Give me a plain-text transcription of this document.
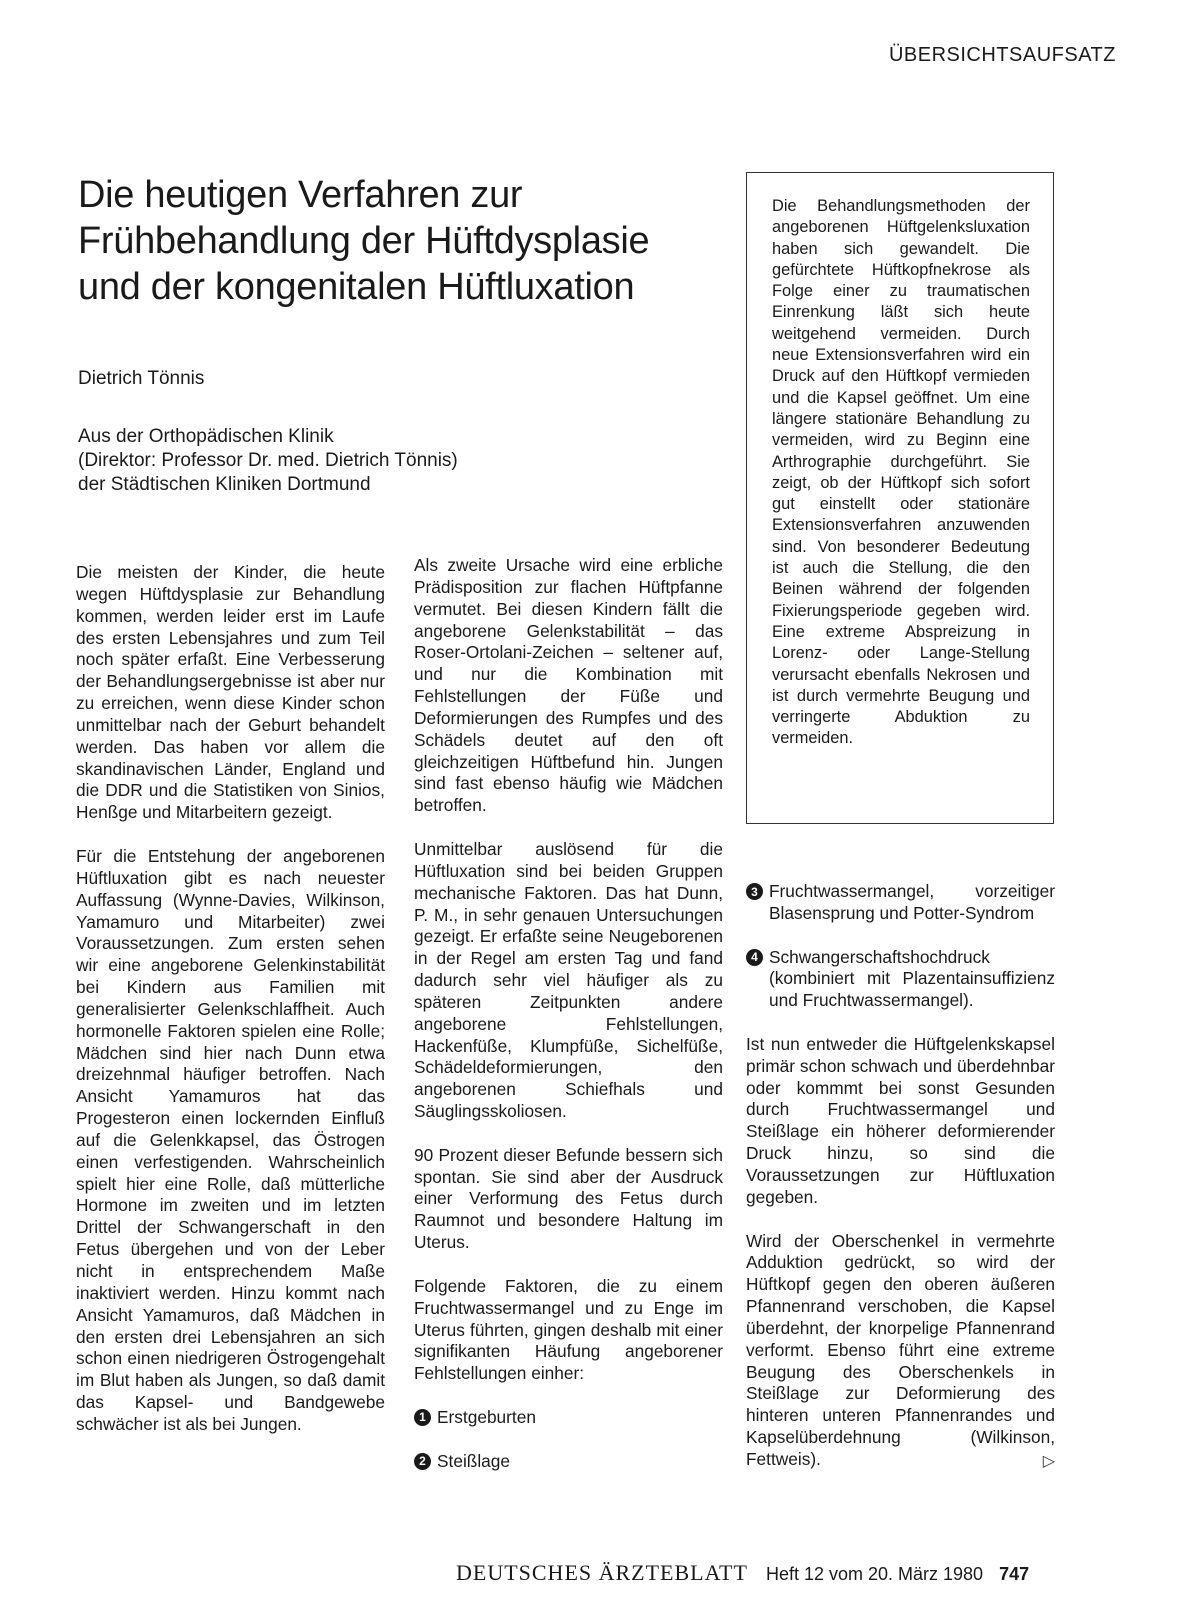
ÜBERSICHTSAUFSATZ
Die heutigen Verfahren zur
Frühbehandlung der Hüftdysplasie
und der kongenitalen Hüftluxation
Dietrich Tönnis
Aus der Orthopädischen Klinik
(Direktor: Professor Dr. med. Dietrich Tönnis)
der Städtischen Kliniken Dortmund
Die Behandlungsmethoden der angeborenen Hüftgelenksluxation haben sich gewandelt. Die gefürchtete Hüftkopfnekrose als Folge einer zu traumatischen Einrenkung läßt sich heute weitgehend vermeiden. Durch neue Extensionsverfahren wird ein Druck auf den Hüftkopf vermieden und die Kapsel geöffnet. Um eine längere stationäre Behandlung zu vermeiden, wird zu Beginn eine Arthrographie durchgeführt. Sie zeigt, ob der Hüftkopf sich sofort gut einstellt oder stationäre Extensionsverfahren anzuwenden sind. Von besonderer Bedeutung ist auch die Stellung, die den Beinen während der folgenden Fixierungsperiode gegeben wird. Eine extreme Abspreizung in Lorenz- oder Lange-Stellung verursacht ebenfalls Nekrosen und ist durch vermehrte Beugung und verringerte Abduktion zu vermeiden.

Die meisten der Kinder, die heute wegen Hüftdysplasie zur Behandlung kommen, werden leider erst im Laufe des ersten Lebensjahres und zum Teil noch später erfaßt. Eine Verbesserung der Behandlungsergebnisse ist aber nur zu erreichen, wenn diese Kinder schon unmittelbar nach der Geburt behandelt werden. Das haben vor allem die skandinavischen Länder, England und die DDR und die Statistiken von Sinios, Henßge und Mitarbeitern gezeigt.

Für die Entstehung der angeborenen Hüftluxation gibt es nach neuester Auffassung (Wynne-Davies, Wilkinson, Yamamuro und Mitarbeiter) zwei Voraussetzungen. Zum ersten sehen wir eine angeborene Gelenkinstabilität bei Kindern aus Familien mit generalisierter Gelenkschlaffheit. Auch hormonelle Faktoren spielen eine Rolle; Mädchen sind hier nach Dunn etwa dreizehnmal häufiger betroffen. Nach Ansicht Yamamuros hat das Progesteron einen lockernden Einfluß auf die Gelenkkapsel, das Östrogen einen verfestigenden. Wahrscheinlich spielt hier eine Rolle, daß mütterliche Hormone im zweiten und im letzten Drittel der Schwangerschaft in den Fetus übergehen und von der Leber nicht in entsprechendem Maße inaktiviert werden. Hinzu kommt nach Ansicht Yamamuros, daß Mädchen in den ersten drei Lebensjahren an sich schon einen niedrigeren Östrogengehalt im Blut haben als Jungen, so daß damit das Kapsel- und Bandgewebe schwächer ist als bei Jungen.

Als zweite Ursache wird eine erbliche Prädisposition zur flachen Hüftpfanne vermutet. Bei diesen Kindern fällt die angeborene Gelenkstabilität – das Roser-Ortolani-Zeichen – seltener auf, und nur die Kombination mit Fehlstellungen der Füße und Deformierungen des Rumpfes und des Schädels deutet auf den oft gleichzeitigen Hüftbefund hin. Jungen sind fast ebenso häufig wie Mädchen betroffen.

Unmittelbar auslösend für die Hüftluxation sind bei beiden Gruppen mechanische Faktoren. Das hat Dunn, P. M., in sehr genauen Untersuchungen gezeigt. Er erfaßte seine Neugeborenen in der Regel am ersten Tag und fand dadurch sehr viel häufiger als zu späteren Zeitpunkten andere angeborene Fehlstellungen, Hackenfüße, Klumpfüße, Sichelfüße, Schädeldeformierungen, den angeborenen Schiefhals und Säuglingsskoliosen.

90 Prozent dieser Befunde bessern sich spontan. Sie sind aber der Ausdruck einer Verformung des Fetus durch Raumnot und besondere Haltung im Uterus.

Folgende Faktoren, die zu einem Fruchtwassermangel und zu Enge im Uterus führten, gingen deshalb mit einer signifikanten Häufung angeborener Fehlstellungen einher:

1 Erstgeburten

2 Steißlage

3 Fruchtwassermangel, vorzeitiger Blasensprung und Potter-Syndrom

4 Schwangerschaftshochdruck (kombiniert mit Plazentainsuffizienz und Fruchtwassermangel).

Ist nun entweder die Hüftgelenkskapsel primär schon schwach und überdehnbar oder kommmt bei sonst Gesunden durch Fruchtwassermangel und Steißlage ein höherer deformierender Druck hinzu, so sind die Voraussetzungen zur Hüftluxation gegeben.

Wird der Oberschenkel in vermehrte Adduktion gedrückt, so wird der Hüftkopf gegen den oberen äußeren Pfannenrand verschoben, die Kapsel überdehnt, der knorpelige Pfannenrand verformt. Ebenso führt eine extreme Beugung des Oberschenkels in Steißlage zur Deformierung des hinteren unteren Pfannenrandes und Kapselüberdehnung (Wilkinson, Fettweis).	▷

DEUTSCHES ÄRZTEBLATT Heft 12 vom 20. März 1980 747
